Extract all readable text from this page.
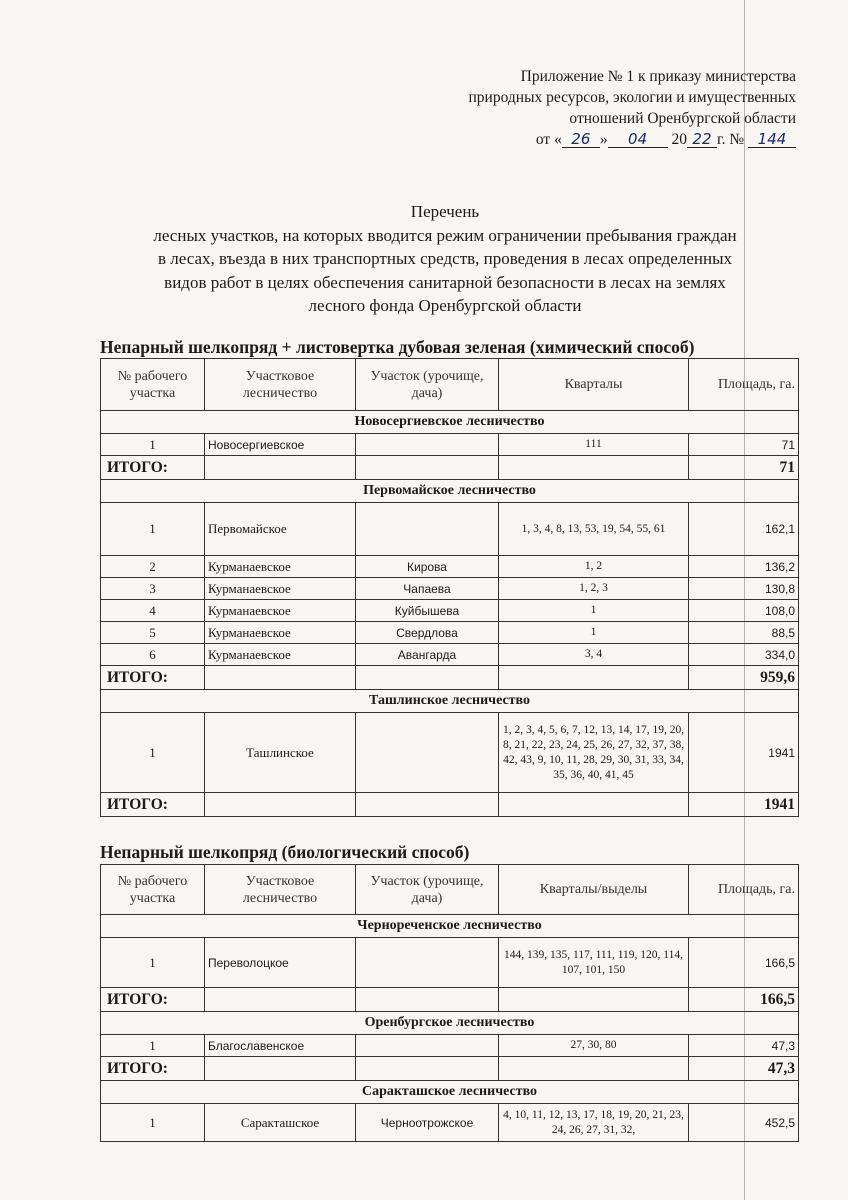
Приложение № 1 к приказу министерства
природных ресурсов, экологии и имущественных
отношений Оренбургской области
от « 26 » 04 20 22 г. № 144
Перечень
лесных участков, на которых вводится режим ограничении пребывания граждан
в лесах, въезда в них транспортных средств, проведения в лесах определенных
видов работ в целях обеспечения санитарной безопасности в лесах на землях
лесного фонда Оренбургской области
Непарный шелкопряд + листовертка дубовая зеленая (химический способ)
№ рабочего участка	Участковое лесничество	Участок (урочище, дача)	Кварталы	Площадь, га.
Новосергиевское лесничество				
1	Новосергиевское		111	71
ИТОГО:				71
Первомайское лесничество				
1	Первомайское		1, 3, 4, 8, 13, 53, 19, 54, 55, 61	162,1
2	Курманаевское	Кирова	1, 2	136,2
3	Курманаевское	Чапаева	1, 2, 3	130,8
4	Курманаевское	Куйбышева	1	108,0
5	Курманаевское	Свердлова	1	88,5
6	Курманаевское	Авангарда	3, 4	334,0
ИТОГО:				959,6
Ташлинское лесничество				
1	Ташлинское		1, 2, 3, 4, 5, 6, 7, 12, 13, 14, 17, 19, 20, 8, 21, 22, 23, 24, 25, 26, 27, 32, 37, 38, 42, 43, 9, 10, 11, 28, 29, 30, 31, 33, 34, 35, 36, 40, 41, 45	1941
ИТОГО:				1941
Непарный шелкопряд (биологический способ)
№ рабочего участка	Участковое лесничество	Участок (урочище, дача)	Кварталы/выделы	Площадь, га.
Чернореченское лесничество				
1	Переволоцкое		144, 139, 135, 117, 111, 119, 120, 114, 107, 101, 150	166,5
ИТОГО:				166,5
Оренбургское лесничество				
1	Благославенское		27, 30, 80	47,3
ИТОГО:				47,3
Саракташское лесничество				
1	Саракташское	Черноотрожское	4, 10, 11, 12, 13, 17, 18, 19, 20, 21, 23, 24, 26, 27, 31, 32,	452,5
